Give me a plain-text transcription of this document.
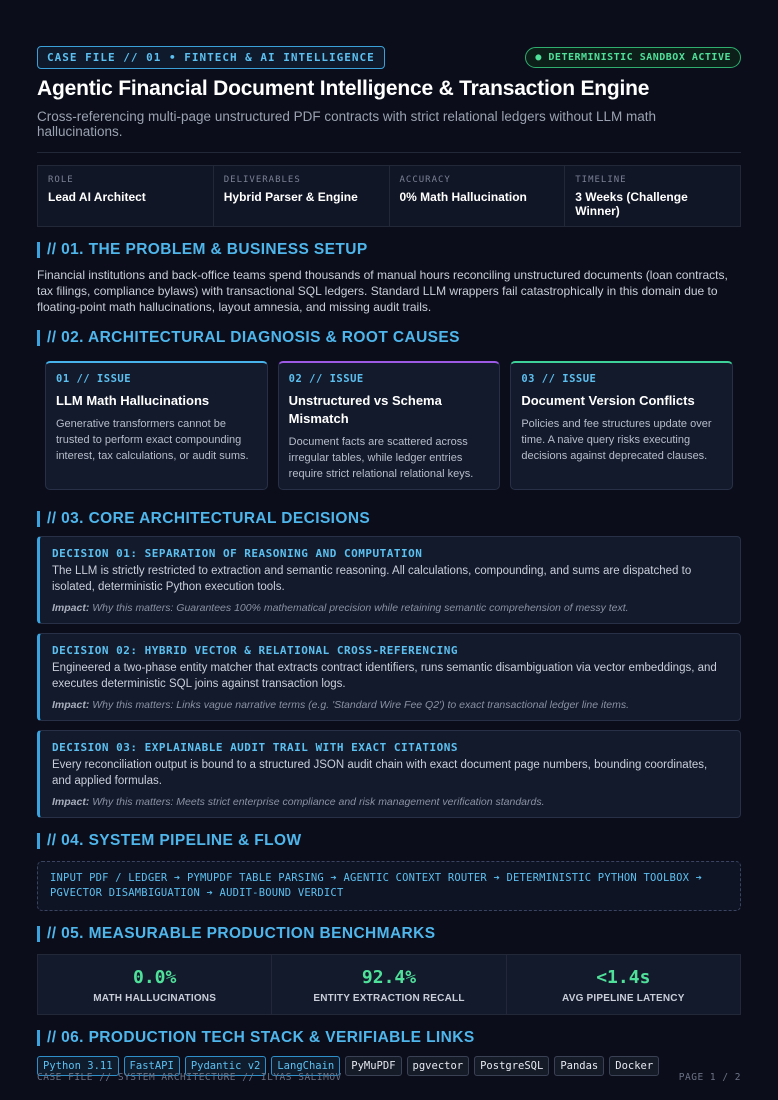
CASE FILE // 01 • FINTECH & AI INTELLIGENCE	● DETERMINISTIC SANDBOX ACTIVE
Agentic Financial Document Intelligence & Transaction Engine
Cross-referencing multi-page unstructured PDF contracts with strict relational ledgers without LLM math hallucinations.
ROLE
Lead AI Architect
DELIVERABLES
Hybrid Parser & Engine
ACCURACY
0% Math Hallucination
TIMELINE
3 Weeks (Challenge Winner)
// 01. THE PROBLEM & BUSINESS SETUP

Financial institutions and back-office teams spend thousands of manual hours reconciling unstructured documents (loan contracts, tax filings, compliance bylaws) with transactional SQL ledgers. Standard LLM wrappers fail catastrophically in this domain due to floating-point math hallucinations, layout amnesia, and missing audit trails.

// 02. ARCHITECTURAL DIAGNOSIS & ROOT CAUSES
01 // ISSUE
LLM Math Hallucinations
Generative transformers cannot be trusted to perform exact compounding interest, tax calculations, or audit sums.
02 // ISSUE
Unstructured vs Schema Mismatch
Document facts are scattered across irregular tables, while ledger entries require strict relational relational keys.
03 // ISSUE
Document Version Conflicts
Policies and fee structures update over time. A naive query risks executing decisions against deprecated clauses.
// 03. CORE ARCHITECTURAL DECISIONS
DECISION 01: SEPARATION OF REASONING AND COMPUTATION
The LLM is strictly restricted to extraction and semantic reasoning. All calculations, compounding, and sums are dispatched to isolated, deterministic Python execution tools.
Impact: Why this matters: Guarantees 100% mathematical precision while retaining semantic comprehension of messy text.
DECISION 02: HYBRID VECTOR & RELATIONAL CROSS-REFERENCING
Engineered a two-phase entity matcher that extracts contract identifiers, runs semantic disambiguation via vector embeddings, and executes deterministic SQL joins against transaction logs.
Impact: Why this matters: Links vague narrative terms (e.g. 'Standard Wire Fee Q2') to exact transactional ledger line items.
DECISION 03: EXPLAINABLE AUDIT TRAIL WITH EXACT CITATIONS
Every reconciliation output is bound to a structured JSON audit chain with exact document page numbers, bounding coordinates, and applied formulas.
Impact: Why this matters: Meets strict enterprise compliance and risk management verification standards.
// 04. SYSTEM PIPELINE & FLOW
INPUT PDF / LEDGER ➔ PYMUPDF TABLE PARSING ➔ AGENTIC CONTEXT ROUTER ➔ DETERMINISTIC PYTHON TOOLBOX ➔ PGVECTOR DISAMBIGUATION ➔ AUDIT-BOUND VERDICT
// 05. MEASURABLE PRODUCTION BENCHMARKS
0.0%
MATH HALLUCINATIONS
92.4%
ENTITY EXTRACTION RECALL
<1.4s
AVG PIPELINE LATENCY
// 06. PRODUCTION TECH STACK & VERIFIABLE LINKS
Python 3.11	FastAPI	Pydantic v2	LangChain	PyMuPDF	pgvector	PostgreSQL	Pandas	Docker
CASE FILE // SYSTEM ARCHITECTURE // ILYAS SALIMOV	PAGE 1 / 2
